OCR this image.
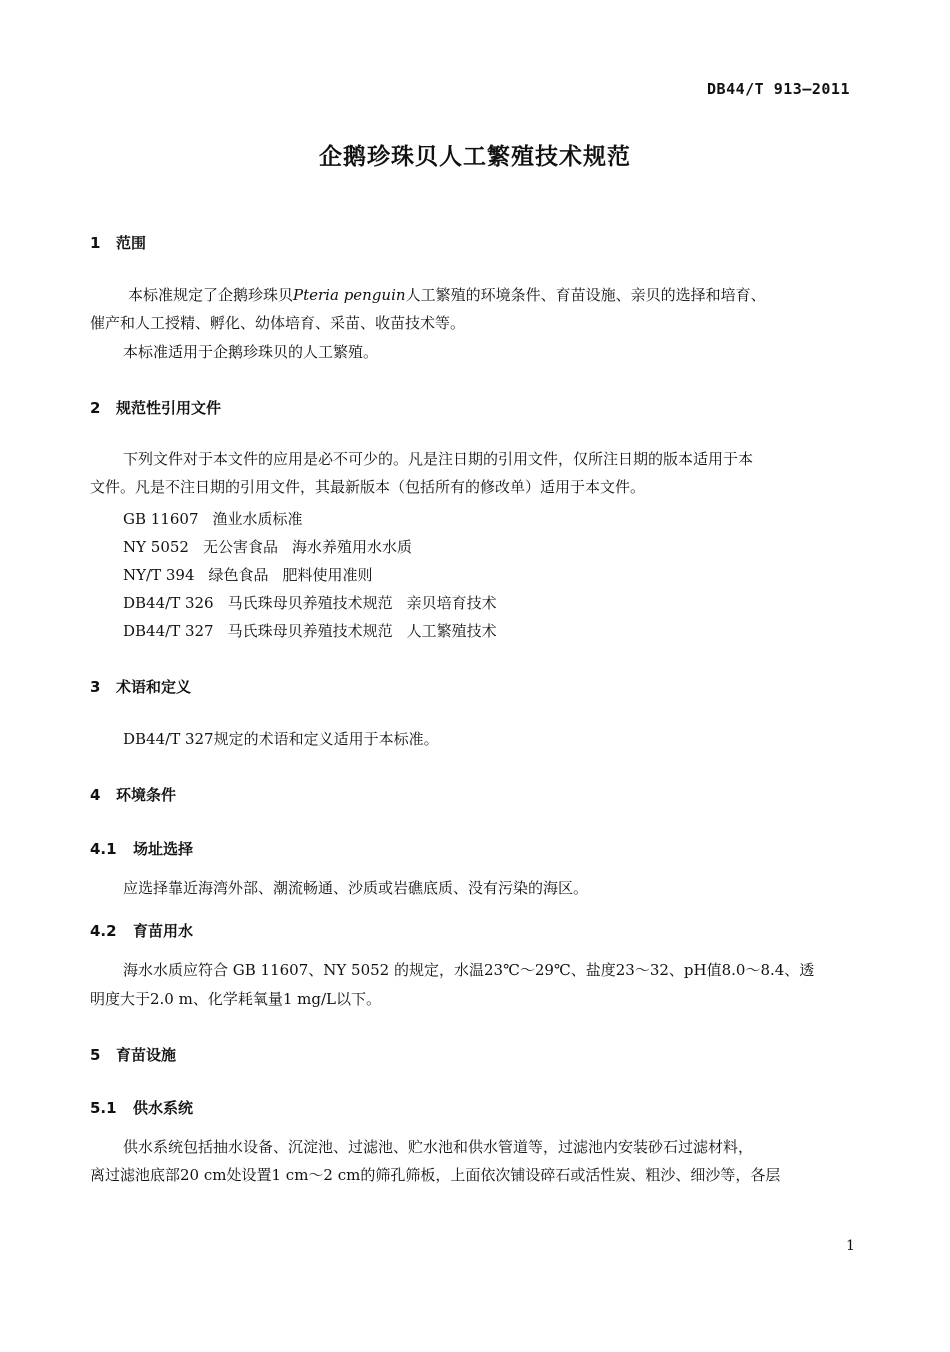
DB44/T 913—2011
企鹅珍珠贝人工繁殖技术规范
1 范围
本标准规定了企鹅珍珠贝Pteria penguin人工繁殖的环境条件、育苗设施、亲贝的选择和培育、
催产和人工授精、孵化、幼体培育、采苗、收苗技术等。
本标准适用于企鹅珍珠贝的人工繁殖。
2 规范性引用文件
下列文件对于本文件的应用是必不可少的。凡是注日期的引用文件，仅所注日期的版本适用于本
文件。凡是不注日期的引用文件，其最新版本（包括所有的修改单）适用于本文件。
GB 11607 渔业水质标准
NY 5052 无公害食品 海水养殖用水水质
NY/T 394 绿色食品 肥料使用准则
DB44/T 326 马氏珠母贝养殖技术规范 亲贝培育技术
DB44/T 327 马氏珠母贝养殖技术规范 人工繁殖技术
3 术语和定义
DB44/T 327规定的术语和定义适用于本标准。
4 环境条件
4.1 场址选择
应选择靠近海湾外部、潮流畅通、沙质或岩礁底质、没有污染的海区。
4.2 育苗用水
海水水质应符合 GB 11607、NY 5052 的规定，水温23℃～29℃、盐度23～32、pH值8.0～8.4、透
明度大于2.0 m、化学耗氧量1 mg/L以下。
5 育苗设施
5.1 供水系统
供水系统包括抽水设备、沉淀池、过滤池、贮水池和供水管道等，过滤池内安装砂石过滤材料，
离过滤池底部20 cm处设置1 cm～2 cm的筛孔筛板，上面依次铺设碎石或活性炭、粗沙、细沙等，各层
1
